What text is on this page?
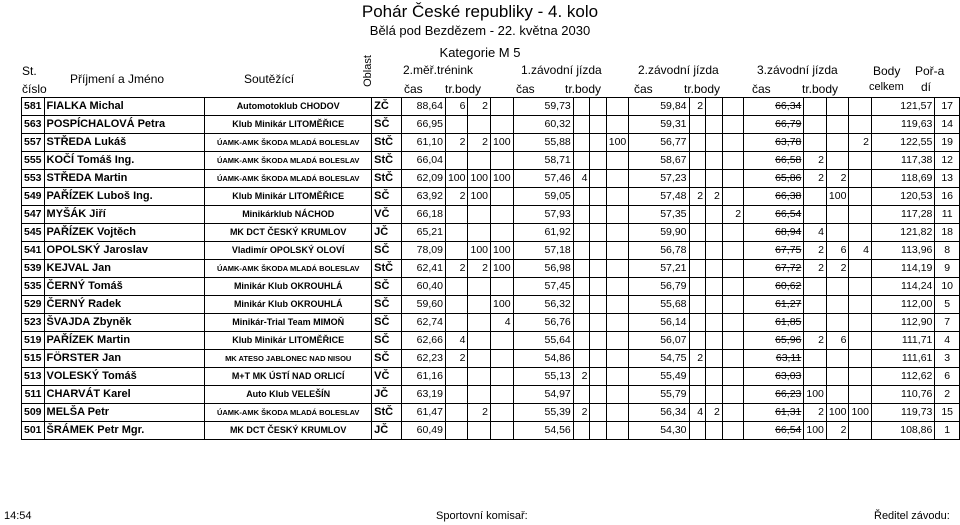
Pohár České republiky - 4. kolo
Bělá pod Bezdězem - 22. května 2030
Kategorie M 5
St.
číslo
Příjmení a Jméno	Soutěžící	Oblast 2.měř.trénink	1.závodní jízda	2.závodní jízda	3.závodní jízda
čas tr.body	čas	tr.body	čas	tr.body	čas	tr.body
Body
celkem
Poř-a
dí
581	FIALKA Michal	Automotoklub CHODOV	ZČ	88,64	6	2		59,73				59,84	2			66,34				121,57	17
563	POSPÍCHALOVÁ Petra	Klub Minikár LITOMĚŘICE	SČ	66,95				60,32				59,31				66,79				119,63	14
557	STŘEDA Lukáš	ÚAMK-AMK ŠKODA MLADÁ BOLESLAV	StČ	61,10	2	2	100	55,88			100	56,77				63,78			2	122,55	19
555	KOČÍ Tomáš Ing.	ÚAMK-AMK ŠKODA MLADÁ BOLESLAV	StČ	66,04				58,71				58,67				66,58	2			117,38	12
553	STŘEDA Martin	ÚAMK-AMK ŠKODA MLADÁ BOLESLAV	StČ	62,09	100	100	100	57,46	4			57,23				65,86	2	2		118,69	13
549	PAŘÍZEK Luboš Ing.	Klub Minikár LITOMĚŘICE	SČ	63,92	2	100		59,05				57,48	2	2		66,38		100		120,53	16
547	MYŠÁK Jiří	Minikárklub NÁCHOD	VČ	66,18				57,93				57,35			2	66,54				117,28	11
545	PAŘÍZEK Vojtěch	MK DCT ČESKÝ KRUMLOV	JČ	65,21				61,92				59,90				68,94	4			121,82	18
541	OPOLSKÝ Jaroslav	Vladimír OPOLSKÝ OLOVÍ	SČ	78,09		100	100	57,18				56,78				67,75	2	6	4	113,96	8
539	KEJVAL Jan	ÚAMK-AMK ŠKODA MLADÁ BOLESLAV	StČ	62,41	2	2	100	56,98				57,21				67,72	2	2		114,19	9
535	ČERNÝ Tomáš	Minikár Klub OKROUHLÁ	SČ	60,40				57,45				56,79				60,62				114,24	10
529	ČERNÝ Radek	Minikár Klub OKROUHLÁ	SČ	59,60			100	56,32				55,68				61,27				112,00	5
523	ŠVAJDA Zbyněk	Minikár-Trial Team MIMOŇ	SČ	62,74			4	56,76				56,14				61,85				112,90	7
519	PAŘÍZEK Martin	Klub Minikár LITOMĚŘICE	SČ	62,66	4			55,64				56,07				65,96	2	6		111,71	4
515	FÖRSTER Jan	MK ATESO JABLONEC NAD NISOU	SČ	62,23	2			54,86				54,75	2			63,11				111,61	3
513	VOLESKÝ Tomáš	M+T MK ÚSTÍ NAD ORLICÍ	VČ	61,16				55,13	2			55,49				63,03				112,62	6
511	CHARVÁT Karel	Auto Klub VELEŠÍN	JČ	63,19				54,97				55,79				66,23	100			110,76	2
509	MELŠA Petr	ÚAMK-AMK ŠKODA MLADÁ BOLESLAV	StČ	61,47		2		55,39	2			56,34	4	2		61,31	2	100	100	119,73	15
501	ŠRÁMEK Petr Mgr.	MK DCT ČESKÝ KRUMLOV	JČ	60,49				54,56				54,30				66,54	100	2		108,86	1
14:54	Sportovní komisař:	Ředitel závodu:
